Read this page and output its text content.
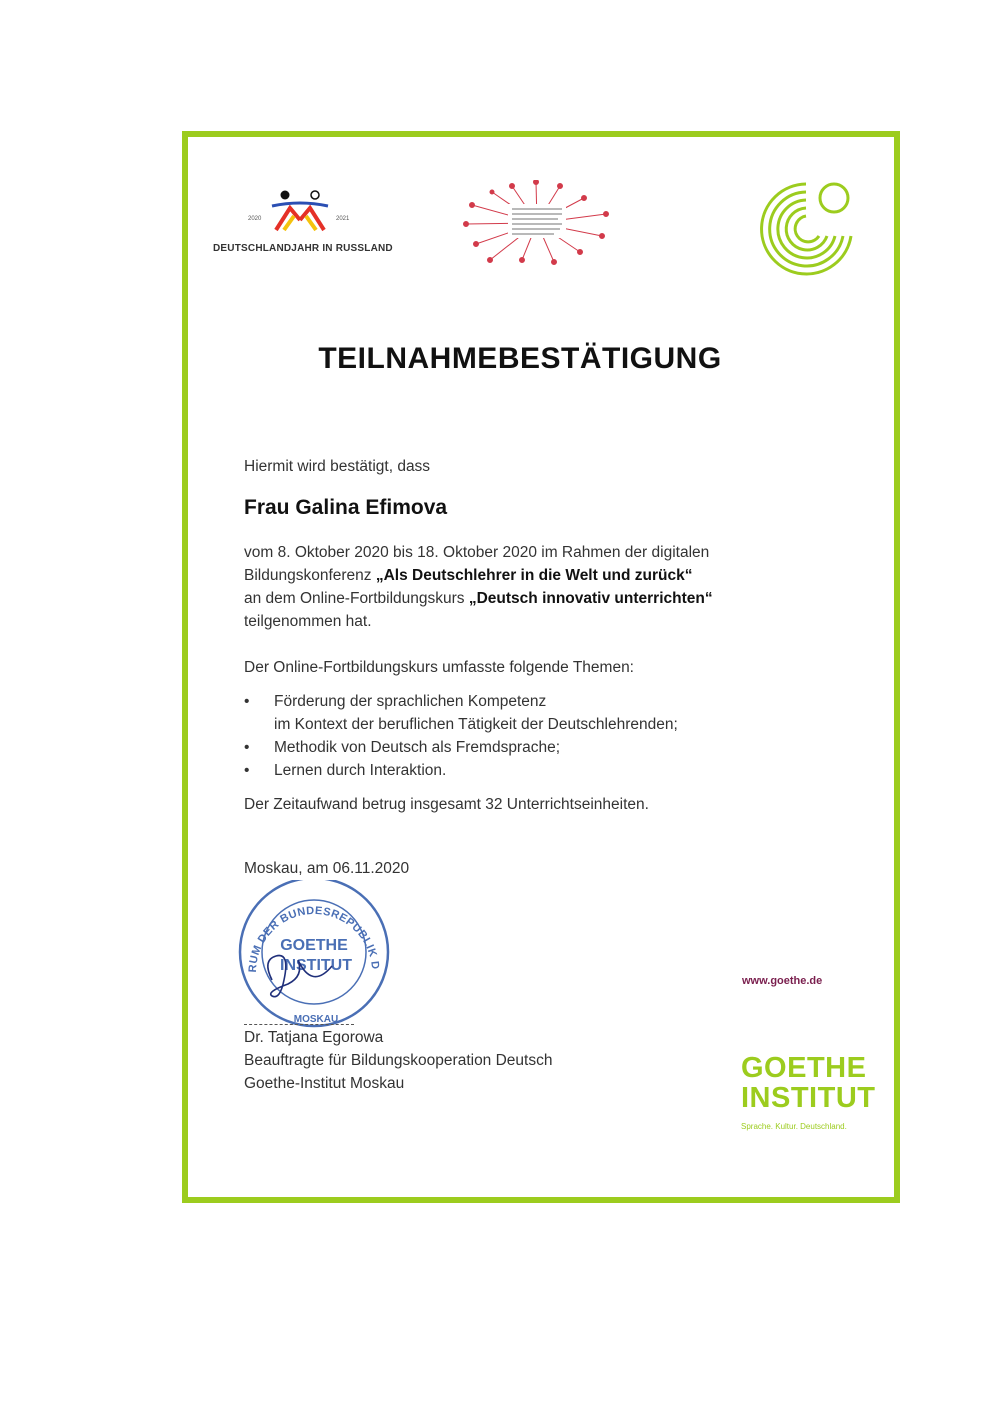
2020	2021
DEUTSCHLANDJAHR IN RUSSLAND
TEILNAHMEBESTÄTIGUNG
Hiermit wird bestätigt, dass
Frau Galina Efimova
vom 8. Oktober 2020 bis 18. Oktober 2020 im Rahmen der digitalen
Bildungskonferenz „Als Deutschlehrer in die Welt und zurück“
an dem Online-Fortbildungskurs „Deutsch innovativ unterrichten“
teilgenommen hat.
Der Online-Fortbildungskurs umfasste folgende Themen:
• Förderung der sprachlichen Kompetenz
im Kontext der beruflichen Tätigkeit der Deutschlehrenden;
• Methodik von Deutsch als Fremdsprache;
• Lernen durch Interaktion.
Der Zeitaufwand betrug insgesamt 32 Unterrichtseinheiten.
Moskau, am 06.11.2020
RUM DER BUNDESREPUBLIK D
MOSKAU
GOETHE
INSTITUT
Dr. Tatjana Egorowa
Beauftragte für Bildungskooperation Deutsch
Goethe-Institut Moskau
www.goethe.de
GOETHE
INSTITUT
Sprache. Kultur. Deutschland.
